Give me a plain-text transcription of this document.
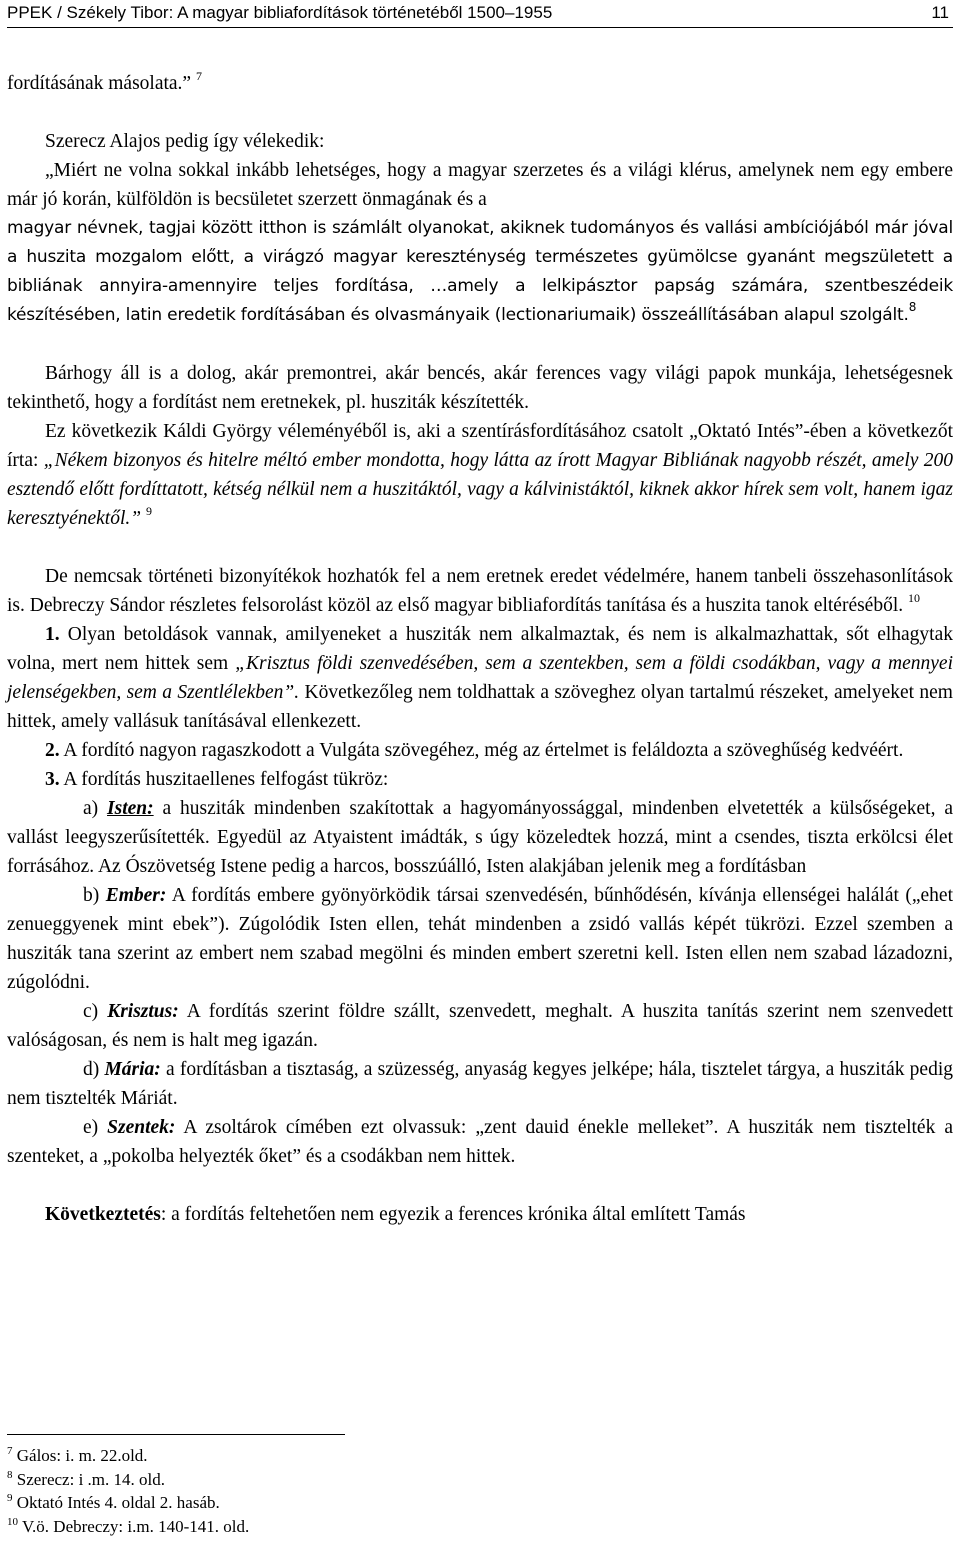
PPEK / Székely Tibor: A magyar bibliafordítások történetéből 1500–1955	11

fordításának másolata.” $^7$

Szerecz Alajos pedig így vélekedik:

„Miért ne volna sokkal inkább lehetséges, hogy a magyar szerzetes és a világi klérus, amelynek nem egy embere már jó korán, külföldön is becsületet szerzett önmagának és a

magyar névnek, tagjai között itthon is számlált olyanokat, akiknek tudományos és vallási ambíciójából már jóval a huszita mozgalom előtt, a virágzó magyar kereszténység természetes gyümölcse gyanánt megszületett a bibliának annyira-amennyire teljes fordítása, …amely a lelkipásztor papság számára, szentbeszédeik készítésében, latin eredetik fordításában és olvasmányaik (lectionariumaik) összeállításában alapul szolgált.$^8$

Bárhogy áll is a dolog, akár premontrei, akár bencés, akár ferences vagy világi papok munkája, lehetségesnek tekinthető, hogy a fordítást nem eretnekek, pl. husziták készítették.

Ez következik Káldi György véleményéből is, aki a szentírásfordításához csatolt „Oktató Intés”-ében a következőt írta: „Nékem bizonyos és hitelre méltó ember mondotta, hogy látta az írott Magyar Bibliának nagyobb részét, amely 200 esztendő előtt fordíttatott, kétség nélkül nem a huszitáktól, vagy a kálvinistáktól, kiknek akkor hírek sem volt, hanem igaz keresztyénektől.” $^9$

De nemcsak történeti bizonyítékok hozhatók fel a nem eretnek eredet védelmére, hanem tanbeli összehasonlítások is. Debreczy Sándor részletes felsorolást közöl az első magyar bibliafordítás tanítása és a huszita tanok eltéréséből. $^{10}$

1. Olyan betoldások vannak, amilyeneket a husziták nem alkalmaztak, és nem is alkalmazhattak, sőt elhagytak volna, mert nem hittek sem „Krisztus földi szenvedésében, sem a szentekben, sem a földi csodákban, vagy a mennyei jelenségekben, sem a Szentlélekben”. Következőleg nem toldhattak a szöveghez olyan tartalmú részeket, amelyeket nem hittek, amely vallásuk tanításával ellenkezett.

2. A fordító nagyon ragaszkodott a Vulgáta szövegéhez, még az értelmet is feláldozta a szöveghűség kedvéért.

3. A fordítás huszitaellenes felfogást tükröz:

a) Isten: a husziták mindenben szakítottak a hagyományossággal, mindenben elvetették a külsőségeket, a vallást leegyszerűsítették. Egyedül az Atyaistent imádták, s úgy közeledtek hozzá, mint a csendes, tiszta erkölcsi élet forrásához. Az Ószövetség Istene pedig a harcos, bosszúálló, Isten alakjában jelenik meg a fordításban

b) Ember: A fordítás embere gyönyörködik társai szenvedésén, bűnhődésén, kívánja ellenségei halálát („ehet zenueggyenek mint ebek”). Zúgolódik Isten ellen, tehát mindenben a zsidó vallás képét tükrözi. Ezzel szemben a husziták tana szerint az embert nem szabad megölni és minden embert szeretni kell. Isten ellen nem szabad lázadozni, zúgolódni.

c) Krisztus: A fordítás szerint földre szállt, szenvedett, meghalt. A huszita tanítás szerint nem szenvedett valóságosan, és nem is halt meg igazán.

d) Mária: a fordításban a tisztaság, a szüzesség, anyaság kegyes jelképe; hála, tisztelet tárgya, a husziták pedig nem tisztelték Máriát.

e) Szentek: A zsoltárok címében ezt olvassuk: „zent dauid énekle melleket”. A husziták nem tisztelték a szenteket, a „pokolba helyezték őket” és a csodákban nem hittek.

Következtetés: a fordítás feltehetően nem egyezik a ferences krónika által említett Tamás

$^7$ Gálos: i. m. 22.old.
$^8$ Szerecz: i .m. 14. old.
$^9$ Oktató Intés 4. oldal 2. hasáb.
$^{10}$ V.ö. Debreczy: i.m. 140-141. old.
